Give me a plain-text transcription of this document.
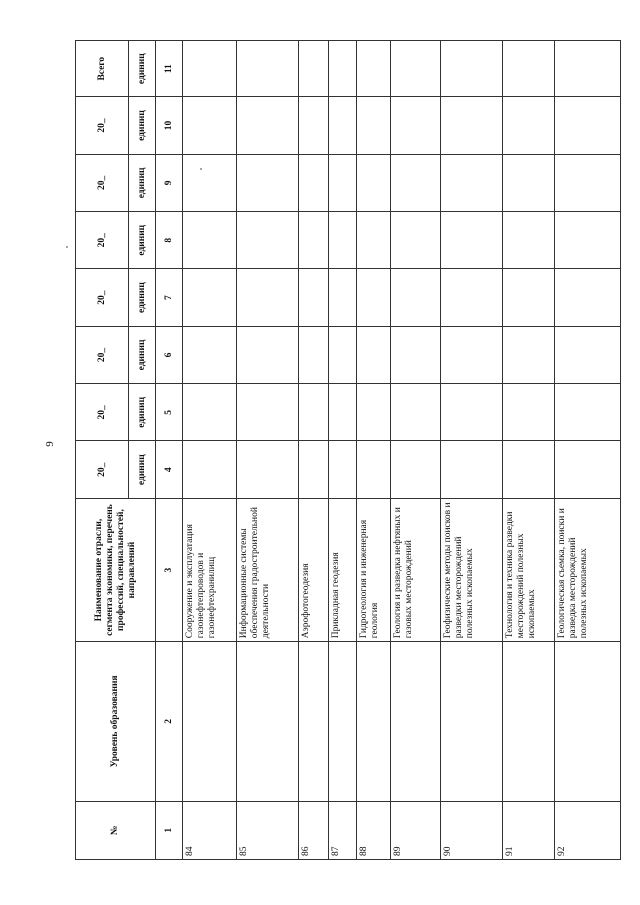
9
№	Уровень образования	Наименование отрасли, сегмента экономики, перечень профессий, специальностей, направлений	20_	20_	20_	20_	20_	20_	20_	Всего
			единиц	единиц	единиц	единиц	единиц	единиц	единиц	единиц
1	2	3	4	5	6	7	8	9	10	11
84		Сооружение и эксплуатация газонефтепроводов и газонефтехранилищ								
85		Информационные системы обеспечения градостроительной деятельности								
86		Аэрофотогеодезия								
87		Прикладная геодезия								
88		Гидрогеология и инженерная геология								
89		Геология и разведка нефтяных и газовых месторождений								
90		Геофизические методы поисков и разведки месторождений полезных ископаемых								
91		Технология и техника разведки месторождений полезных ископаемых								
92		Геологическая съемка, поиски и разведка месторождений полезных ископаемых								
